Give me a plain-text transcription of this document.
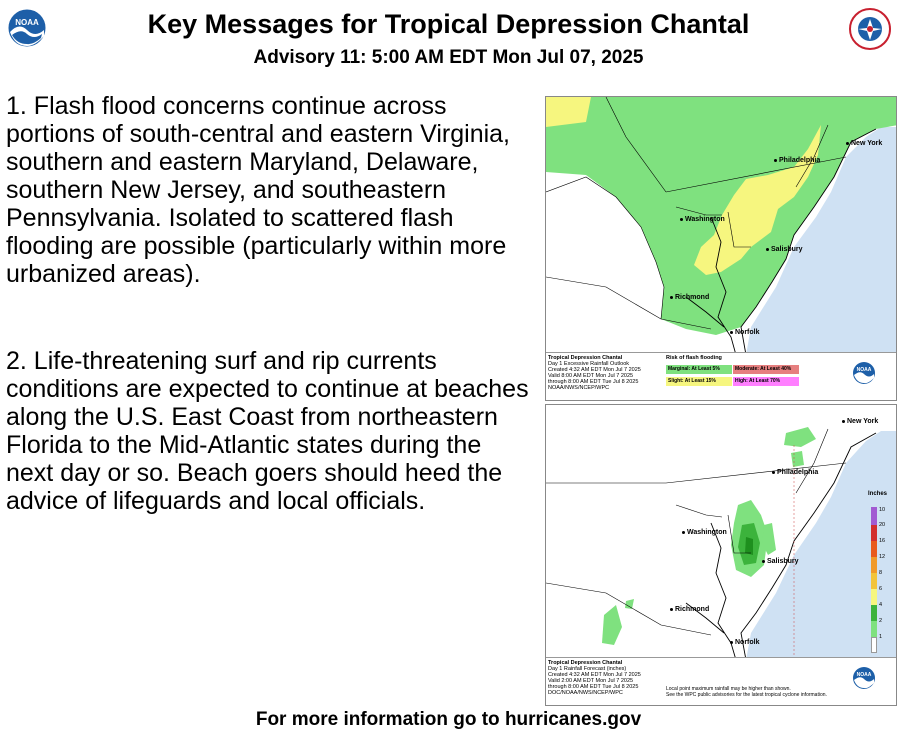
NOAA	Key Messages for Tropical Depression Chantal
Advisory 11: 5:00 AM EDT Mon Jul 07, 2025
1. Flash flood concerns continue across portions of south-central and eastern Virginia, southern and eastern Maryland, Delaware, southern New Jersey, and southeastern Pennsylvania. Isolated to scattered flash flooding are possible (particularly within more urbanized areas).
2. Life-threatening surf and rip currents conditions are expected to continue at beaches along the U.S. East Coast from northeastern Florida to the Mid-Atlantic states during the next day or so. Beach goers should heed the advice of lifeguards and local officials.
New York
Philadelphia
Washington
Salisbury
Richmond
Norfolk
Tropical Depression Chantal
Day 1 Excessive Rainfall Outlook
Created 4:32 AM EDT Mon Jul 7 2025
Valid 8:00 AM EDT Mon Jul 7 2025
through 8:00 AM EDT Tue Jul 8 2025
NOAA/NWS/NCEP/WPC
Risk of flash flooding
Marginal: At Least 5%	Moderate: At Least 40%
Slight: At Least 15%	High: At Least 70%
NOAA
New York
Philadelphia
Washington
Salisbury
Richmond
Norfolk
Inches
10
20
16
12
8
6
4
2
1
Tropical Depression Chantal
Day 1 Rainfall Forecast (inches)
Created 4:32 AM EDT Mon Jul 7 2025
Valid 2:00 AM EDT Mon Jul 7 2025
through 8:00 AM EDT Tue Jul 8 2025
DOC/NOAA/NWS/NCEP/WPC
Local point maximum rainfall may be higher than shown.
See the WPC public advisories for the latest tropical cyclone information.
NOAA
For more information go to hurricanes.gov
